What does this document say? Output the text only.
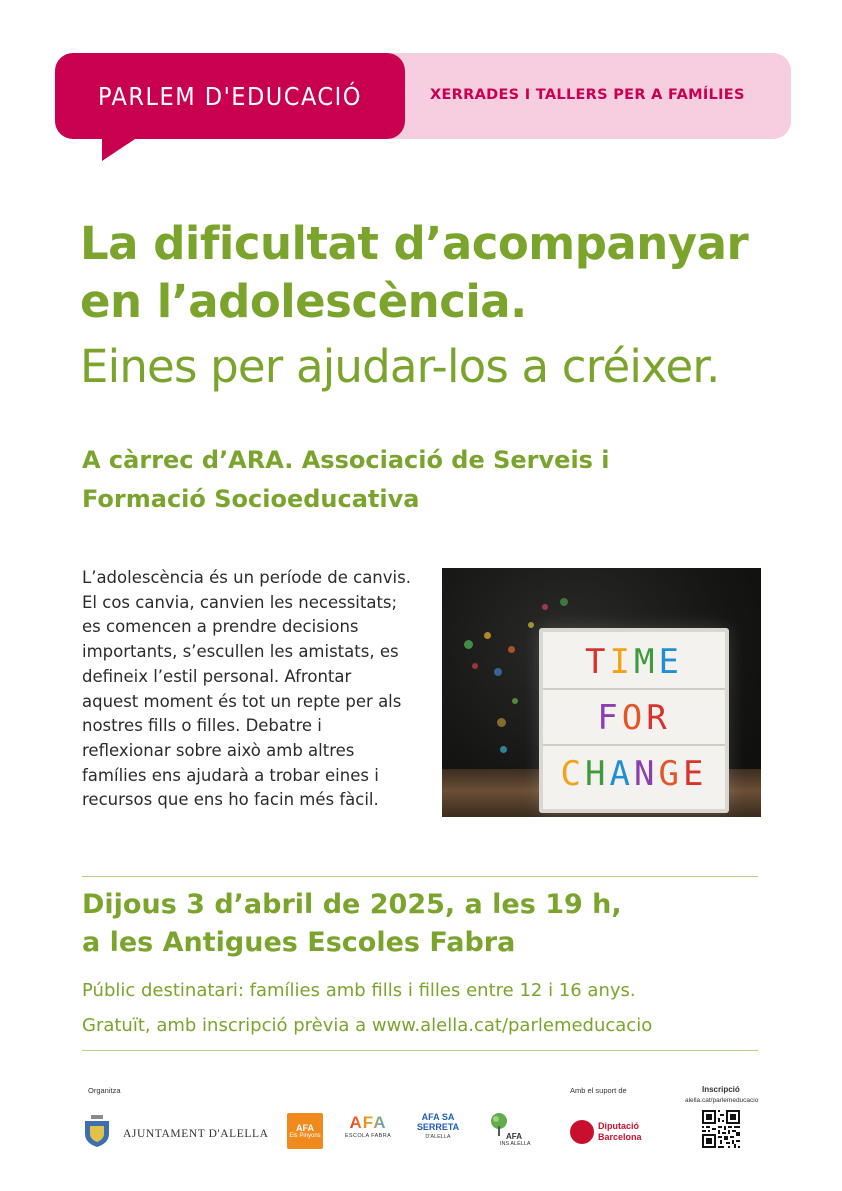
PARLEM D'EDUCACIÓ	XERRADES I TALLERS PER A FAMÍLIES
La dificultat d’acompanyar
en l’adolescència.
Eines per ajudar-los a créixer.
A càrrec d’ARA. Associació de Serveis i
Formació Socioeducativa
L’adolescència és un període de canvis.
El cos canvia, canvien les necessitats;
es comencen a prendre decisions
importants, s’escullen les amistats, es
defineix l’estil personal. Afrontar
aquest moment és tot un repte per als
nostres fills o filles. Debatre i
reflexionar sobre això amb altres
famílies ens ajudarà a trobar eines i
recursos que ens ho facin més fàcil.
T I M E
F O R
C H A N G E
Dijous 3 d’abril de 2025, a les 19 h,
a les Antigues Escoles Fabra
Públic destinatari: famílies amb fills i filles entre 12 i 16 anys.
Gratuït, amb inscripció prèvia a www.alella.cat/parlemeducacio
Organitza
AJUNTAMENT D'ALELLA	AFA
Els Pinyons
AFA
ESCOLA FABRA
AFA SA
SERRETA
D'ALELLA	AFA
INS ALELLA
Amb el suport de
Diputació
Barcelona
Inscripció
alella.cat/parlemeducacio
